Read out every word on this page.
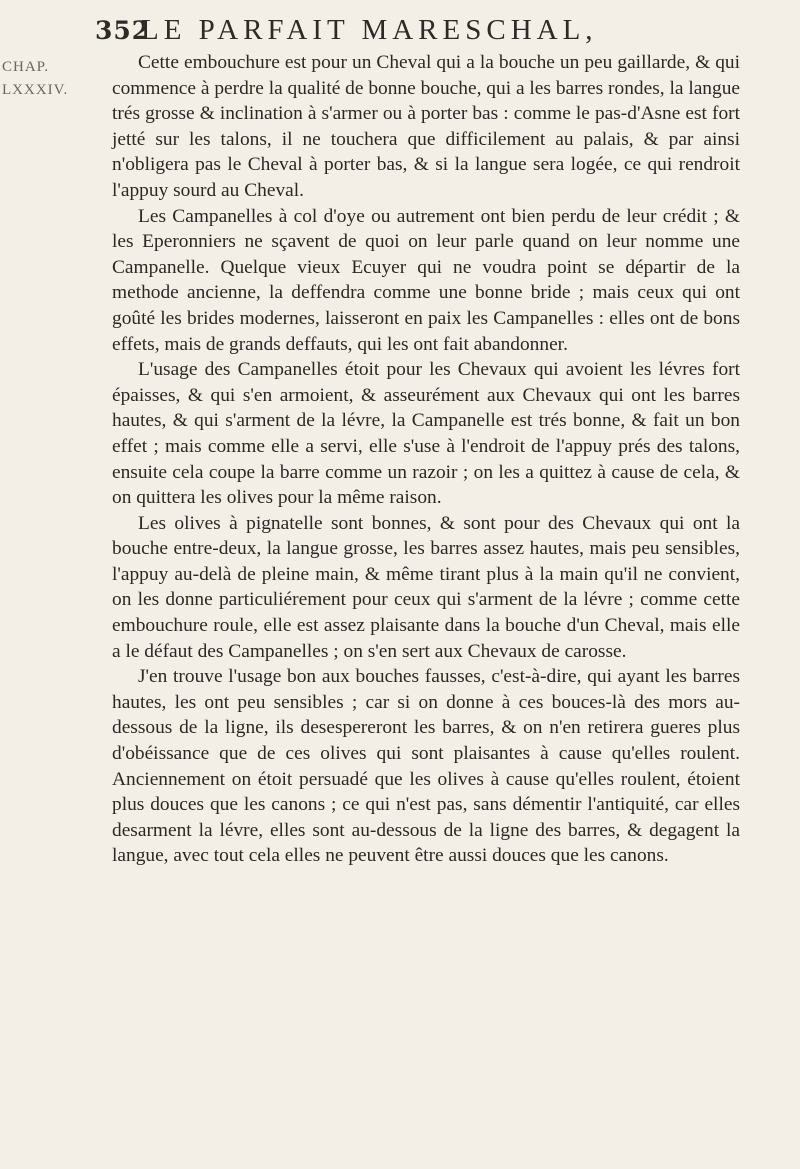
352
LE PARFAIT MARESCHAL,
CHAP.
LXXXIV.

Cette embouchure est pour un Cheval qui a la bouche un peu gaillarde, & qui commence à perdre la qualité de bonne bouche, qui a les barres rondes, la langue trés grosse & inclination à s'armer ou à porter bas : comme le pas-d'Asne est fort jetté sur les talons, il ne touchera que difficilement au palais, & par ainsi n'obligera pas le Cheval à porter bas, & si la langue sera logée, ce qui rendroit l'appuy sourd au Cheval.

Les Campanelles à col d'oye ou autrement ont bien perdu de leur crédit ; & les Eperonniers ne sçavent de quoi on leur parle quand on leur nomme une Campanelle. Quelque vieux Ecuyer qui ne voudra point se départir de la methode ancienne, la deffendra comme une bonne bride ; mais ceux qui ont goûté les brides modernes, laisseront en paix les Campanelles : elles ont de bons effets, mais de grands deffauts, qui les ont fait abandonner.

L'usage des Campanelles étoit pour les Chevaux qui avoient les lévres fort épaisses, & qui s'en armoient, & asseurément aux Chevaux qui ont les barres hautes, & qui s'arment de la lévre, la Campanelle est trés bonne, & fait un bon effet ; mais comme elle a servi, elle s'use à l'endroit de l'appuy prés des talons, ensuite cela coupe la barre comme un razoir ; on les a quittez à cause de cela, & on quittera les olives pour la même raison.

Les olives à pignatelle sont bonnes, & sont pour des Chevaux qui ont la bouche entre-deux, la langue grosse, les barres assez hautes, mais peu sensibles, l'appuy au-delà de pleine main, & même tirant plus à la main qu'il ne convient, on les donne particuliérement pour ceux qui s'arment de la lévre ; comme cette embouchure roule, elle est assez plaisante dans la bouche d'un Cheval, mais elle a le défaut des Campanelles ; on s'en sert aux Chevaux de carosse.

J'en trouve l'usage bon aux bouches fausses, c'est-à-dire, qui ayant les barres hautes, les ont peu sensibles ; car si on donne à ces bouces-là des mors au-dessous de la ligne, ils desespereront les barres, & on n'en retirera gueres plus d'obéissance que de ces olives qui sont plaisantes à cause qu'elles roulent. Anciennement on étoit persuadé que les olives à cause qu'elles roulent, étoient plus douces que les canons ; ce qui n'est pas, sans démentir l'antiquité, car elles desarment la lévre, elles sont au-dessous de la ligne des barres, & degagent la langue, avec tout cela elles ne peuvent être aussi douces que les canons.
